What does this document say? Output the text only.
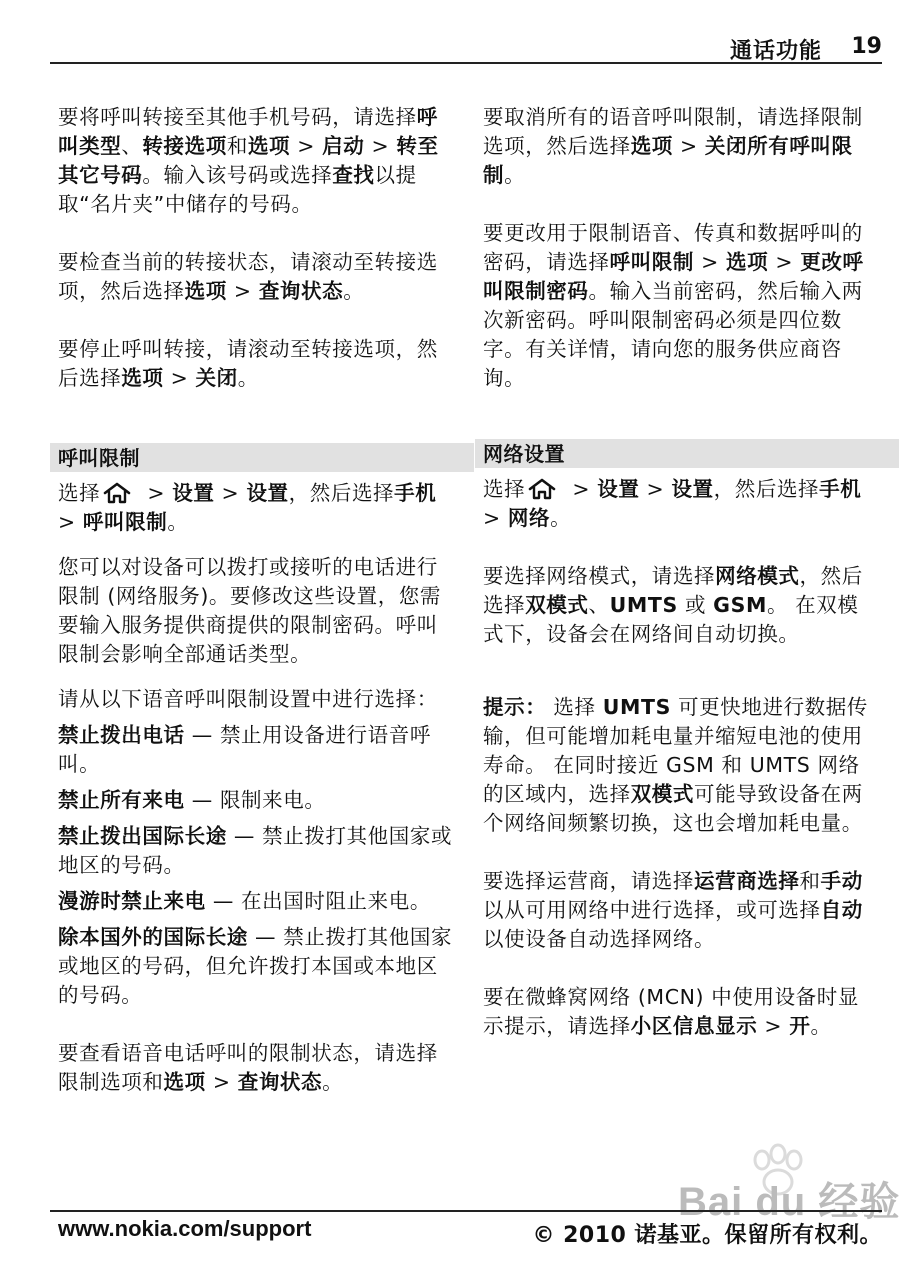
通话功能 19

要将呼叫转接至其他手机号码，请选择呼叫类型、转接选项和选项 > 启动 > 转至其它号码。输入该号码或选择查找以提取“名片夹”中储存的号码。

要检查当前的转接状态，请滚动至转接选项，然后选择选项 > 查询状态。

要停止呼叫转接，请滚动至转接选项，然后选择选项 > 关闭。

呼叫限制

选择 > 设置 > 设置，然后选择手机 > 呼叫限制。

您可以对设备可以拨打或接听的电话进行限制 (网络服务)。要修改这些设置，您需要输入服务提供商提供的限制密码。呼叫限制会影响全部通话类型。

请从以下语音呼叫限制设置中进行选择：

禁止拨出电话 — 禁止用设备进行语音呼叫。

禁止所有来电 — 限制来电。

禁止拨出国际长途 — 禁止拨打其他国家或地区的号码。

漫游时禁止来电 — 在出国时阻止来电。

除本国外的国际长途 — 禁止拨打其他国家或地区的号码，但允许拨打本国或本地区的号码。

要查看语音电话呼叫的限制状态，请选择限制选项和选项 > 查询状态。

要取消所有的语音呼叫限制，请选择限制选项，然后选择选项 > 关闭所有呼叫限制。

要更改用于限制语音、传真和数据呼叫的密码，请选择呼叫限制 > 选项 > 更改呼叫限制密码。输入当前密码，然后输入两次新密码。呼叫限制密码必须是四位数字。有关详情，请向您的服务供应商咨询。

网络设置

选择 > 设置 > 设置，然后选择手机 > 网络。

要选择网络模式，请选择网络模式，然后选择双模式、UMTS 或 GSM。 在双模式下，设备会在网络间自动切换。

提示： 选择 UMTS 可更快地进行数据传输，但可能增加耗电量并缩短电池的使用寿命。 在同时接近 GSM 和 UMTS 网络的区域内，选择双模式可能导致设备在两个网络间频繁切换，这也会增加耗电量。

要选择运营商，请选择运营商选择和手动以从可用网络中进行选择，或可选择自动以使设备自动选择网络。

要在微蜂窝网络 (MCN) 中使用设备时显示提示，请选择小区信息显示 > 开。

Bai du 经验
www.nokia.com/support	© 2010 诺基亚。保留所有权利。
